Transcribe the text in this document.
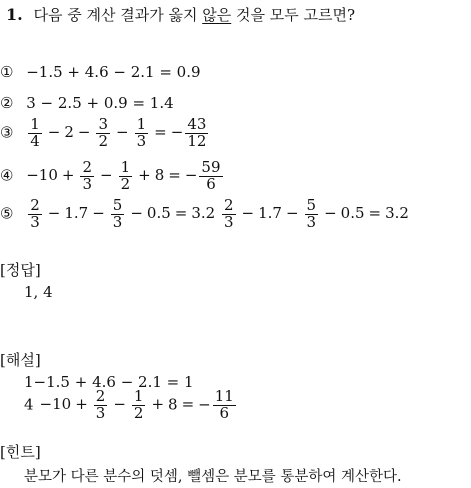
1. 다음 중 계산 결과가 옳지 않은 것을 모두 고르면?
① −1.5 + 4.6 − 2.1 = 0.9
② 3 − 2.5 + 0.9 = 1.4
③ $\frac{1}{4} - 2 - \frac{3}{2} - \frac{1}{3}$ = − $\frac{43}{12}$
④ $-10 + \frac{2}{3} - \frac{1}{2} + 8$ = − $\frac{59}{6}$
⑤ $\frac{2}{3} - 1.7 - \frac{5}{3} - 0.5 = 3.2 \frac{2}{3} - 1.7 - \frac{5}{3} - 0.5 = 3.2$
[정답]
1, 4
[해설]
1−1.5 + 4.6 − 2.1 = 1
$4 -10 + \frac{2}{3} - \frac{1}{2} + 8$ = − $\frac{11}{6}$
[힌트]
분모가 다른 분수의 덧셈, 뺄셈은 분모를 통분하여 계산한다.
